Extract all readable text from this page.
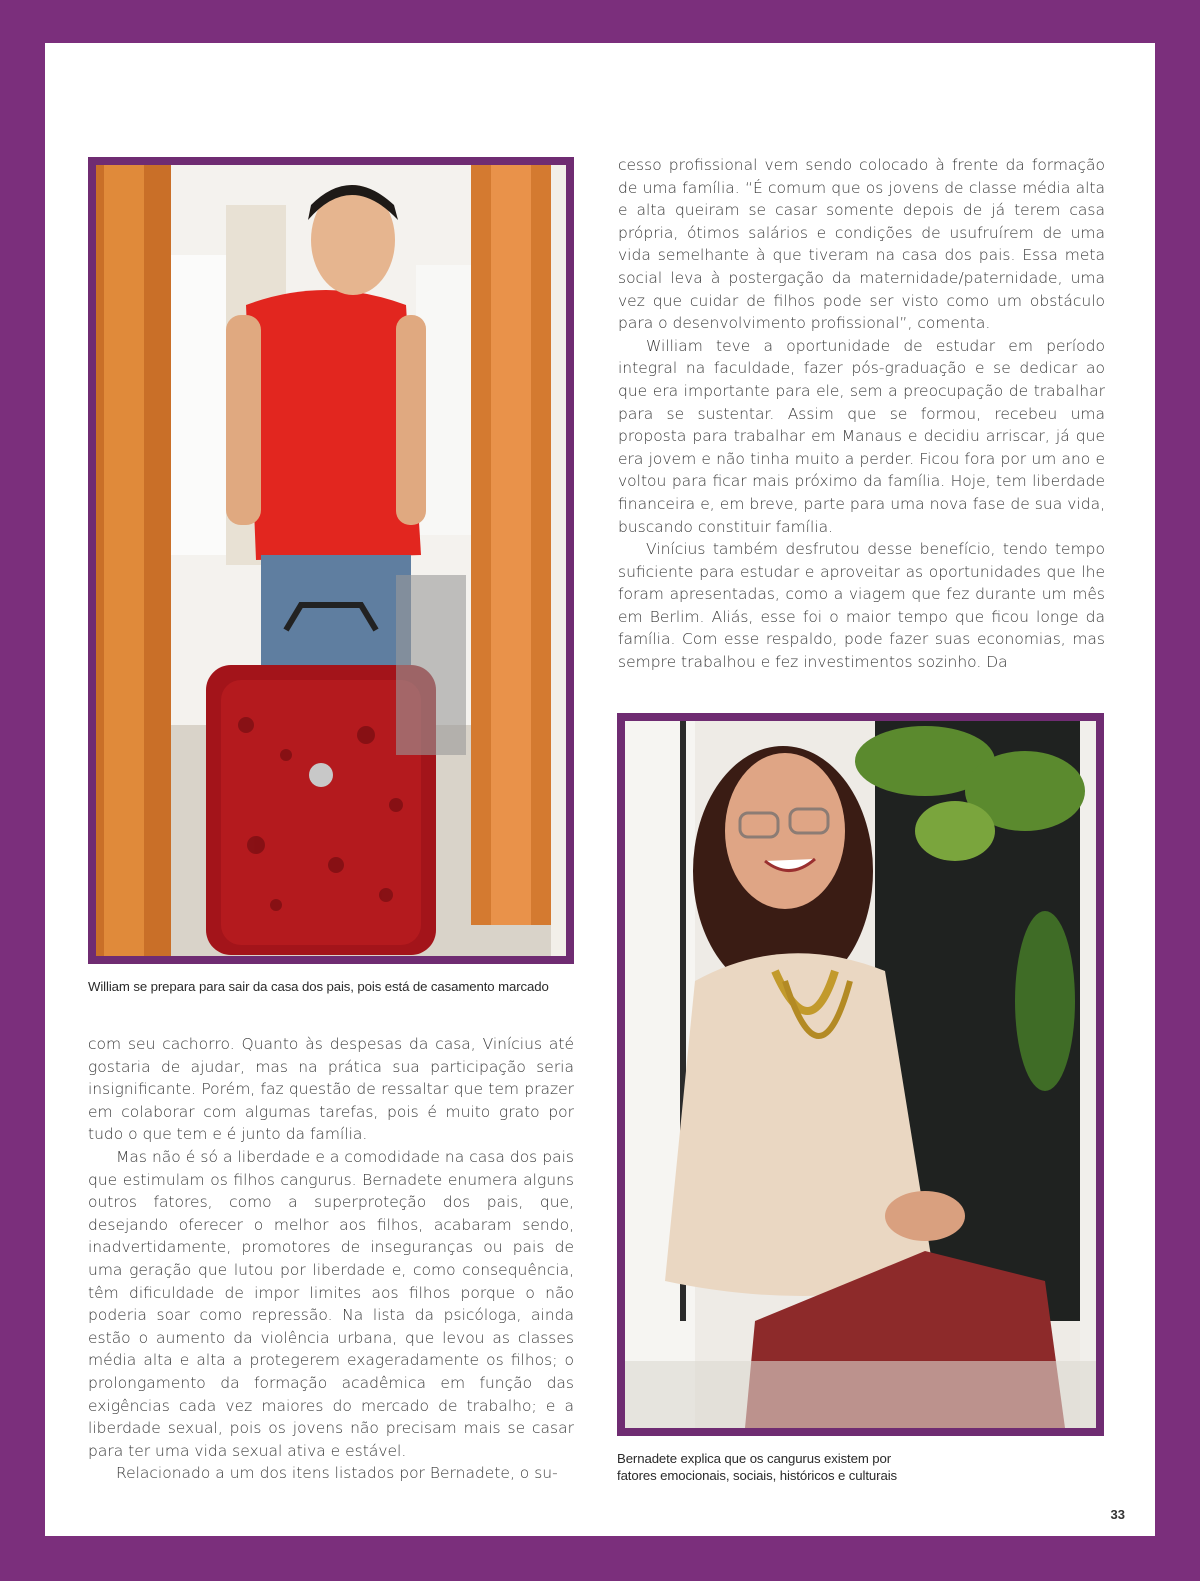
William se prepara para sair da casa dos pais, pois está de casamento marcado

com seu cachorro. Quanto às despesas da casa, Vinícius até gostaria de ajudar, mas na prática sua participação seria insignificante. Porém, faz questão de ressaltar que tem prazer em colaborar com algumas tarefas, pois é muito grato por tudo o que tem e é junto da família.

Mas não é só a liberdade e a comodidade na casa dos pais que estimulam os filhos cangurus. Bernadete enumera alguns outros fatores, como a superproteção dos pais, que, desejando oferecer o melhor aos filhos, acabaram sendo, inadvertidamente, promotores de inseguranças ou pais de uma geração que lutou por liberdade e, como consequência, têm dificuldade de impor limites aos filhos porque o não poderia soar como repressão. Na lista da psicóloga, ainda estão o aumento da violência urbana, que levou as classes média alta e alta a protegerem exageradamente os filhos; o prolongamento da formação acadêmica em função das exigências cada vez maiores do mercado de trabalho; e a liberdade sexual, pois os jovens não precisam mais se casar para ter uma vida sexual ativa e estável.

Relacionado a um dos itens listados por Bernadete, o su-

cesso profissional vem sendo colocado à frente da formação de uma família. “É comum que os jovens de classe média alta e alta queiram se casar somente depois de já terem casa própria, ótimos salários e condições de usufruírem de uma vida semelhante à que tiveram na casa dos pais. Essa meta social leva à postergação da maternidade/paternidade, uma vez que cuidar de filhos pode ser visto como um obstáculo para o desenvolvimento profissional”, comenta.

William teve a oportunidade de estudar em período integral na faculdade, fazer pós-graduação e se dedicar ao que era importante para ele, sem a preocupação de trabalhar para se sustentar. Assim que se formou, recebeu uma proposta para trabalhar em Manaus e decidiu arriscar, já que era jovem e não tinha muito a perder. Ficou fora por um ano e voltou para ficar mais próximo da família. Hoje, tem liberdade financeira e, em breve, parte para uma nova fase de sua vida, buscando constituir família.

Vinícius também desfrutou desse benefício, tendo tempo suficiente para estudar e aproveitar as oportunidades que lhe foram apresentadas, como a viagem que fez durante um mês em Berlim. Aliás, esse foi o maior tempo que ficou longe da família. Com esse respaldo, pode fazer suas economias, mas sempre trabalhou e fez investimentos sozinho. Da

Bernadete explica que os cangurus existem por
fatores emocionais, sociais, históricos e culturais
33
